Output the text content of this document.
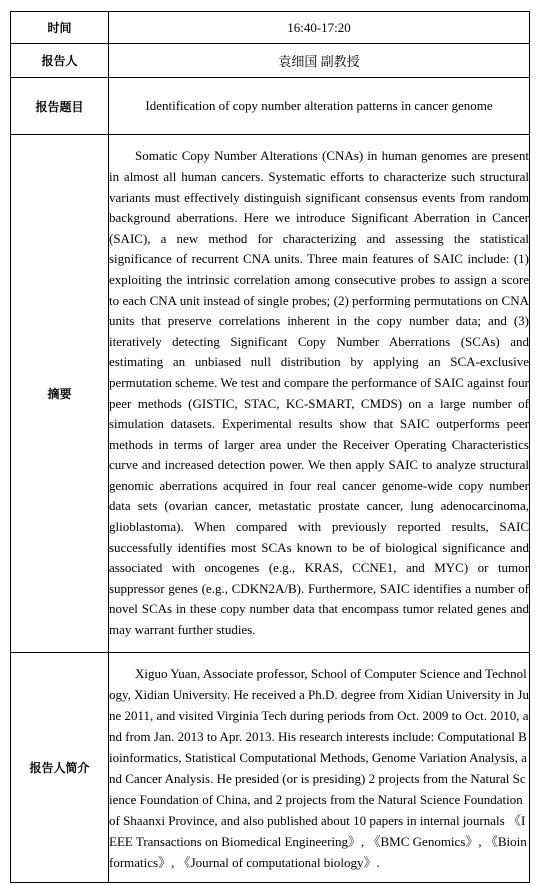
时间	16:40-17:20
报告人	袁细国 副教授
报告题目	Identification of copy number alteration patterns in cancer genome
摘要	Somatic Copy Number Alterations (CNAs) in human genomes are present in almost all human cancers. Systematic efforts to characterize such structural variants must effectively distinguish significant consensus events from random background aberrations. Here we introduce Significant Aberration in Cancer (SAIC), a new method for characterizing and assessing the statistical significance of recurrent CNA units. Three main features of SAIC include: (1) exploiting the intrinsic correlation among consecutive probes to assign a score to each CNA unit instead of single probes; (2) performing permutations on CNA units that preserve correlations inherent in the copy number data; and (3) iteratively detecting Significant Copy Number Aberrations (SCAs) and estimating an unbiased null distribution by applying an SCA-exclusive permutation scheme. We test and compare the performance of SAIC against four peer methods (GISTIC, STAC, KC-SMART, CMDS) on a large number of simulation datasets. Experimental results show that SAIC outperforms peer methods in terms of larger area under the Receiver Operating Characteristics curve and increased detection power. We then apply SAIC to analyze structural genomic aberrations acquired in four real cancer genome-wide copy number data sets (ovarian cancer, metastatic prostate cancer, lung adenocarcinoma, glioblastoma). When compared with previously reported results, SAIC successfully identifies most SCAs known to be of biological significance and associated with oncogenes (e.g., KRAS, CCNE1, and MYC) or tumor suppressor genes (e.g., CDKN2A/B). Furthermore, SAIC identifies a number of novel SCAs in these copy number data that encompass tumor related genes and may warrant further studies.

报告人简介	Xiguo Yuan, Associate professor, School of Computer Science and Technology, Xidian University. He received a Ph.D. degree from Xidian University in June 2011, and visited Virginia Tech during periods from Oct. 2009 to Oct. 2010, and from Jan. 2013 to Apr. 2013. His research interests include: Computational Bioinformatics, Statistical Computational Methods, Genome Variation Analysis, and Cancer Analysis. He presided (or is presiding) 2 projects from the Natural Science Foundation of China, and 2 projects from the Natural Science Foundation of Shaanxi Province, and also published about 10 papers in internal journals 《IEEE Transactions on Biomedical Engineering》, 《BMC Genomics》, 《Bioinformatics》, 《Journal of computational biology》.
